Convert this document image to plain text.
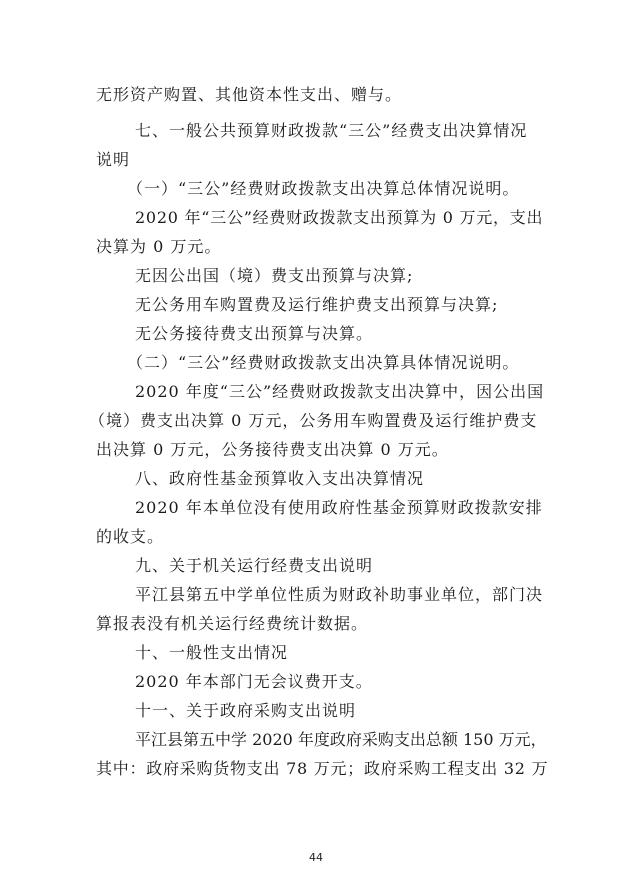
无形资产购置、其他资本性支出、赠与。
七、一般公共预算财政拨款“三公”经费支出决算情况
说明
（一）“三公”经费财政拨款支出决算总体情况说明。
2020 年“三公”经费财政拨款支出预算为 0 万元，支出
决算为 0 万元。
无因公出国（境）费支出预算与决算;
无公务用车购置费及运行维护费支出预算与决算;
无公务接待费支出预算与决算。
（二）“三公”经费财政拨款支出决算具体情况说明。
2020 年度“三公”经费财政拨款支出决算中，因公出国
（境）费支出决算 0 万元，公务用车购置费及运行维护费支
出决算 0 万元，公务接待费支出决算 0 万元。
八、政府性基金预算收入支出决算情况
2020 年本单位没有使用政府性基金预算财政拨款安排
的收支。
九、关于机关运行经费支出说明
平江县第五中学单位性质为财政补助事业单位，部门决
算报表没有机关运行经费统计数据。
十、一般性支出情况
2020 年本部门无会议费开支。
十一、关于政府采购支出说明
平江县第五中学 2020 年度政府采购支出总额 150 万元，
其中：政府采购货物支出 78 万元；政府采购工程支出 32 万
44
